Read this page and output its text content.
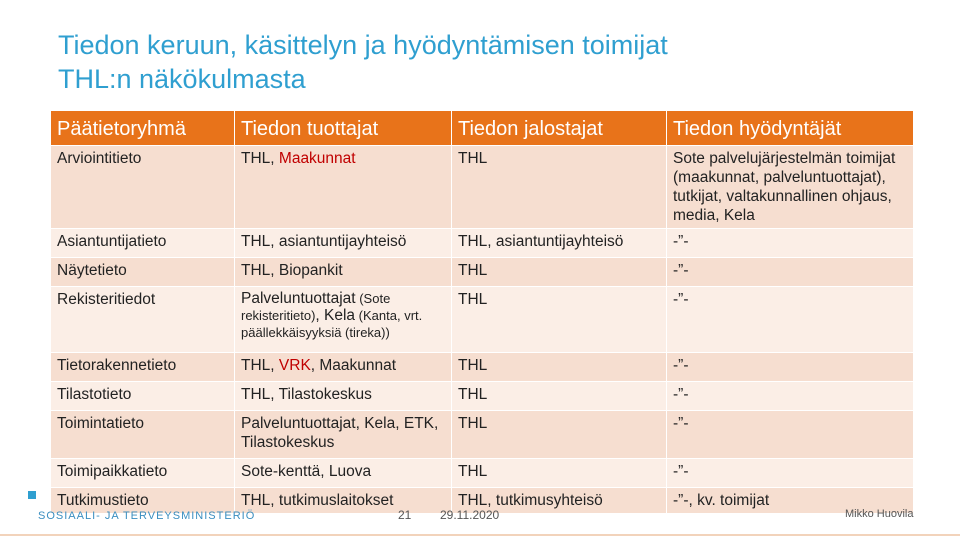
Tiedon keruun, käsittelyn ja hyödyntämisen toimijat
THL:n näkökulmasta
Päätietoryhmä	Tiedon tuottajat	Tiedon jalostajat	Tiedon hyödyntäjät
Arviointitieto	THL, Maakunnat	THL	Sote palvelujärjestelmän toimijat (maakunnat, palveluntuottajat), tutkijat, valtakunnallinen ohjaus, media, Kela
Asiantuntijatieto	THL, asiantuntijayhteisö	THL, asiantuntijayhteisö	-”-
Näytetieto	THL, Biopankit	THL	-”-
Rekisteritiedot	Palveluntuottajat (Sote rekisteritieto), Kela (Kanta, vrt. päällekkäisyyksiä (tireka))	THL	-”-
Tietorakennetieto	THL, VRK, Maakunnat	THL	-”-
Tilastotieto	THL, Tilastokeskus	THL	-”-
Toimintatieto	Palveluntuottajat, Kela, ETK, Tilastokeskus	THL	-”-
Toimipaikkatieto	Sote-kenttä, Luova	THL	-”-
Tutkimustieto	THL, tutkimuslaitokset	THL, tutkimusyhteisö	-”-, kv. toimijat
SOSIAALI- JA TERVEYSMINISTERIÖ	21 29.11.2020	Mikko Huovila
